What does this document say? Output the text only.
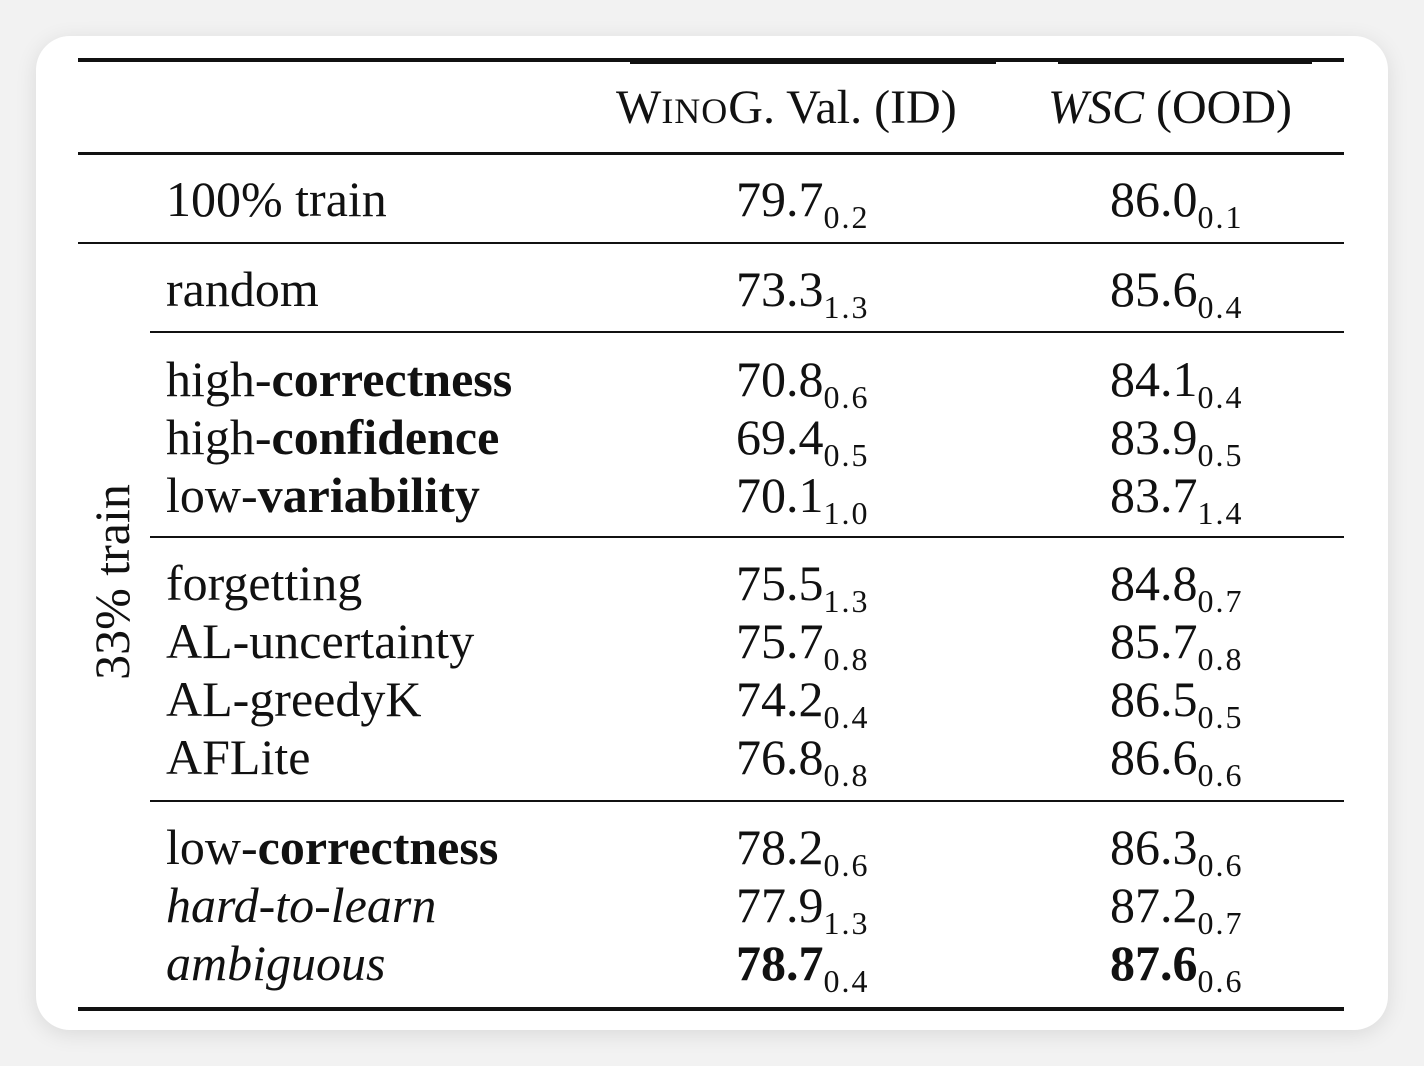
WINOG. Val. (ID) WSC (OOD)
33% train
100% train	$79.7_{0.2}$	$86.0_{0.1}$
random	$73.3_{1.3}$	$85.6_{0.4}$
high-correctness	$70.8_{0.6}$	$84.1_{0.4}$
high-confidence	$69.4_{0.5}$	$83.9_{0.5}$
low-variability	$70.1_{1.0}$	$83.7_{1.4}$
forgetting	$75.5_{1.3}$	$84.8_{0.7}$
AL-uncertainty	$75.7_{0.8}$	$85.7_{0.8}$
AL-greedyK	$74.2_{0.4}$	$86.5_{0.5}$
AFLite	$76.8_{0.8}$	$86.6_{0.6}$
low-correctness	$78.2_{0.6}$	$86.3_{0.6}$
hard-to-learn	$77.9_{1.3}$	$87.2_{0.7}$
ambiguous	$78.7_{0.4}$	$87.6_{0.6}$
